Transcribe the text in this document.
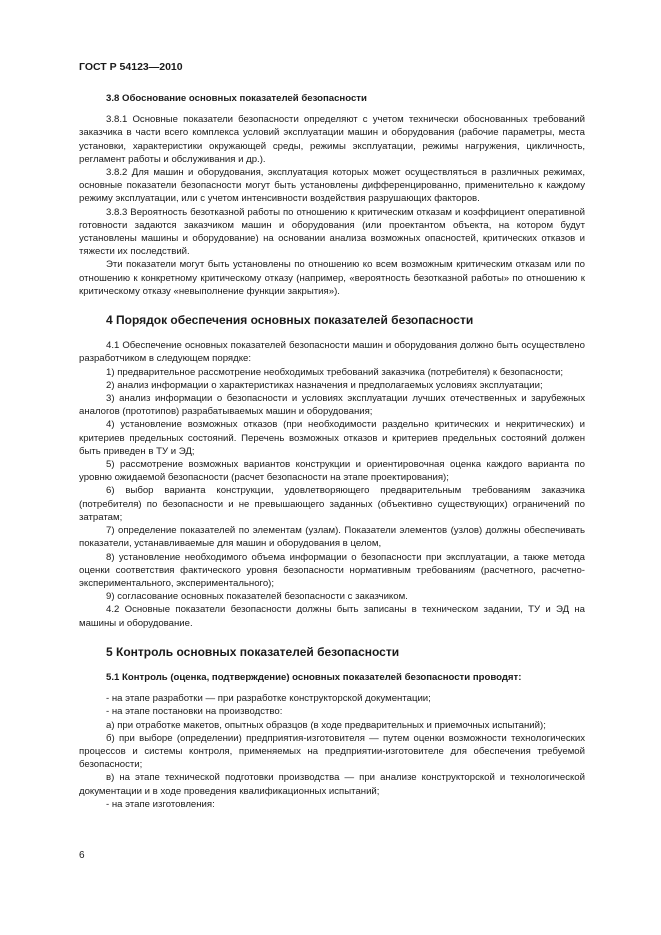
ГОСТ Р 54123—2010
3.8 Обоснование основных показателей безопасности

3.8.1 Основные показатели безопасности определяют с учетом технически обоснованных требований заказчика в части всего комплекса условий эксплуатации машин и оборудования (рабочие параметры, места установки, характеристики окружающей среды, режимы эксплуатации, режимы нагружения, цикличность, регламент работы и обслуживания и др.).

3.8.2 Для машин и оборудования, эксплуатация которых может осуществляться в различных режимах, основные показатели безопасности могут быть установлены дифференцированно, применительно к каждому режиму эксплуатации, или с учетом интенсивности воздействия разрушающих факторов.

3.8.3 Вероятность безотказной работы по отношению к критическим отказам и коэффициент оперативной готовности задаются заказчиком машин и оборудования (или проектантом объекта, на котором будут установлены машины и оборудование) на основании анализа возможных опасностей, критических отказов и тяжести их последствий.

Эти показатели могут быть установлены по отношению ко всем возможным критическим отказам или по отношению к конкретному критическому отказу (например, «вероятность безотказной работы» по отношению к критическому отказу «невыполнение функции закрытия»).

4 Порядок обеспечения основных показателей безопасности

4.1 Обеспечение основных показателей безопасности машин и оборудования должно быть осуществлено разработчиком в следующем порядке:

1) предварительное рассмотрение необходимых требований заказчика (потребителя) к безопасности;

2) анализ информации о характеристиках назначения и предполагаемых условиях эксплуатации;

3) анализ информации о безопасности и условиях эксплуатации лучших отечественных и зарубежных аналогов (прототипов) разрабатываемых машин и оборудования;

4) установление возможных отказов (при необходимости раздельно критических и некритических) и критериев предельных состояний. Перечень возможных отказов и критериев предельных состояний должен быть приведен в ТУ и ЭД;

5) рассмотрение возможных вариантов конструкции и ориентировочная оценка каждого варианта по уровню ожидаемой безопасности (расчет безопасности на этапе проектирования);

6) выбор варианта конструкции, удовлетворяющего предварительным требованиям заказчика (потребителя) по безопасности и не превышающего заданных (объективно существующих) ограничений по затратам;

7) определение показателей по элементам (узлам). Показатели элементов (узлов) должны обеспечивать показатели, устанавливаемые для машин и оборудования в целом,

8) установление необходимого объема информации о безопасности при эксплуатации, а также метода оценки соответствия фактического уровня безопасности нормативным требованиям (расчетного, расчетно-экспериментального, экспериментального);

9) согласование основных показателей безопасности с заказчиком.

4.2 Основные показатели безопасности должны быть записаны в техническом задании, ТУ и ЭД на машины и оборудование.

5 Контроль основных показателей безопасности
5.1 Контроль (оценка, подтверждение) основных показателей безопасности проводят:

- на этапе разработки — при разработке конструкторской документации;

- на этапе постановки на производство:

а) при отработке макетов, опытных образцов (в ходе предварительных и приемочных испытаний);

б) при выборе (определении) предприятия-изготовителя — путем оценки возможности технологических процессов и системы контроля, применяемых на предприятии-изготовителе для обеспечения требуемой безопасности;

в) на этапе технической подготовки производства — при анализе конструкторской и технологической документации и в ходе проведения квалификационных испытаний;

- на этапе изготовления:

6
